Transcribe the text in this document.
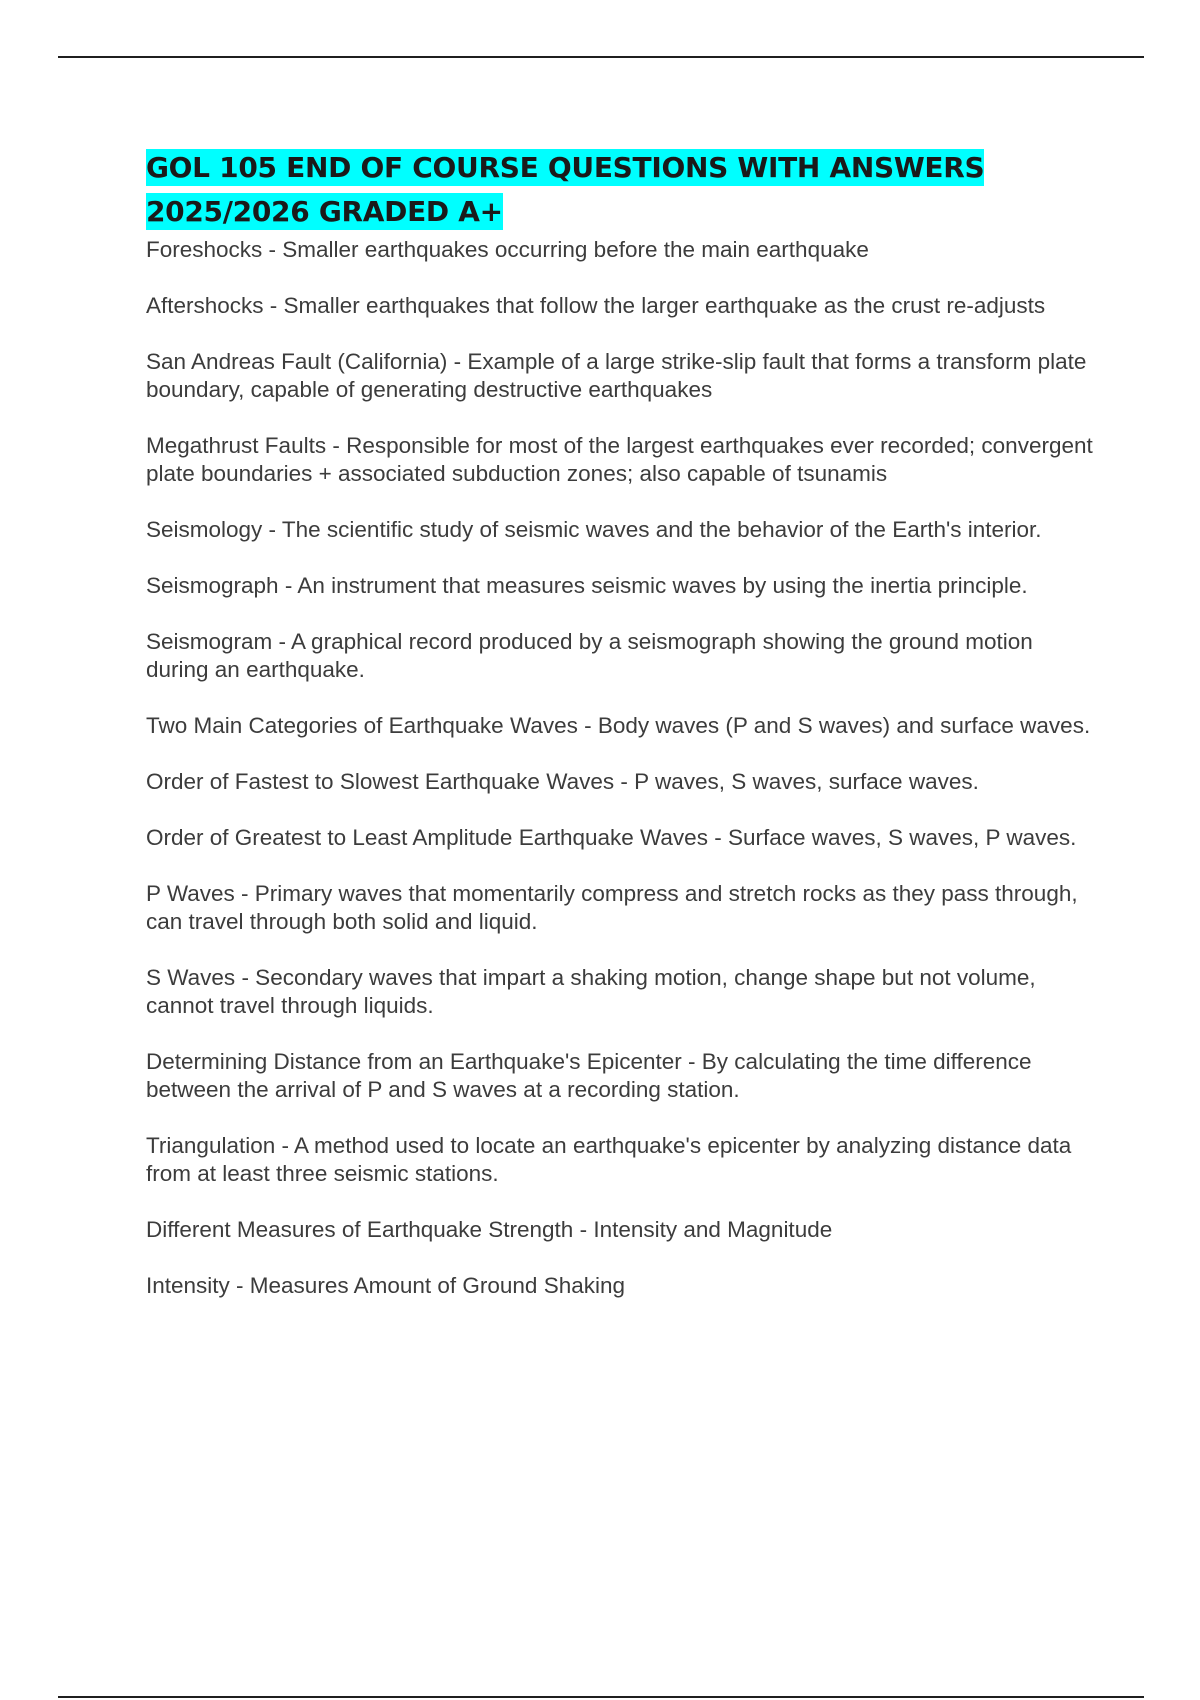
GOL 105 END OF COURSE QUESTIONS WITH ANSWERS 2025/2026 GRADED A+
Foreshocks - Smaller earthquakes occurring before the main earthquake
Aftershocks - Smaller earthquakes that follow the larger earthquake as the crust re-adjusts
San Andreas Fault (California) - Example of a large strike-slip fault that forms a transform plate boundary, capable of generating destructive earthquakes
Megathrust Faults - Responsible for most of the largest earthquakes ever recorded; convergent plate boundaries + associated subduction zones; also capable of tsunamis
Seismology - The scientific study of seismic waves and the behavior of the Earth's interior.
Seismograph - An instrument that measures seismic waves by using the inertia principle.
Seismogram - A graphical record produced by a seismograph showing the ground motion during an earthquake.
Two Main Categories of Earthquake Waves - Body waves (P and S waves) and surface waves.
Order of Fastest to Slowest Earthquake Waves - P waves, S waves, surface waves.
Order of Greatest to Least Amplitude Earthquake Waves - Surface waves, S waves, P waves.
P Waves - Primary waves that momentarily compress and stretch rocks as they pass through, can travel through both solid and liquid.
S Waves - Secondary waves that impart a shaking motion, change shape but not volume, cannot travel through liquids.
Determining Distance from an Earthquake's Epicenter - By calculating the time difference between the arrival of P and S waves at a recording station.
Triangulation - A method used to locate an earthquake's epicenter by analyzing distance data from at least three seismic stations.
Different Measures of Earthquake Strength - Intensity and Magnitude
Intensity - Measures Amount of Ground Shaking
